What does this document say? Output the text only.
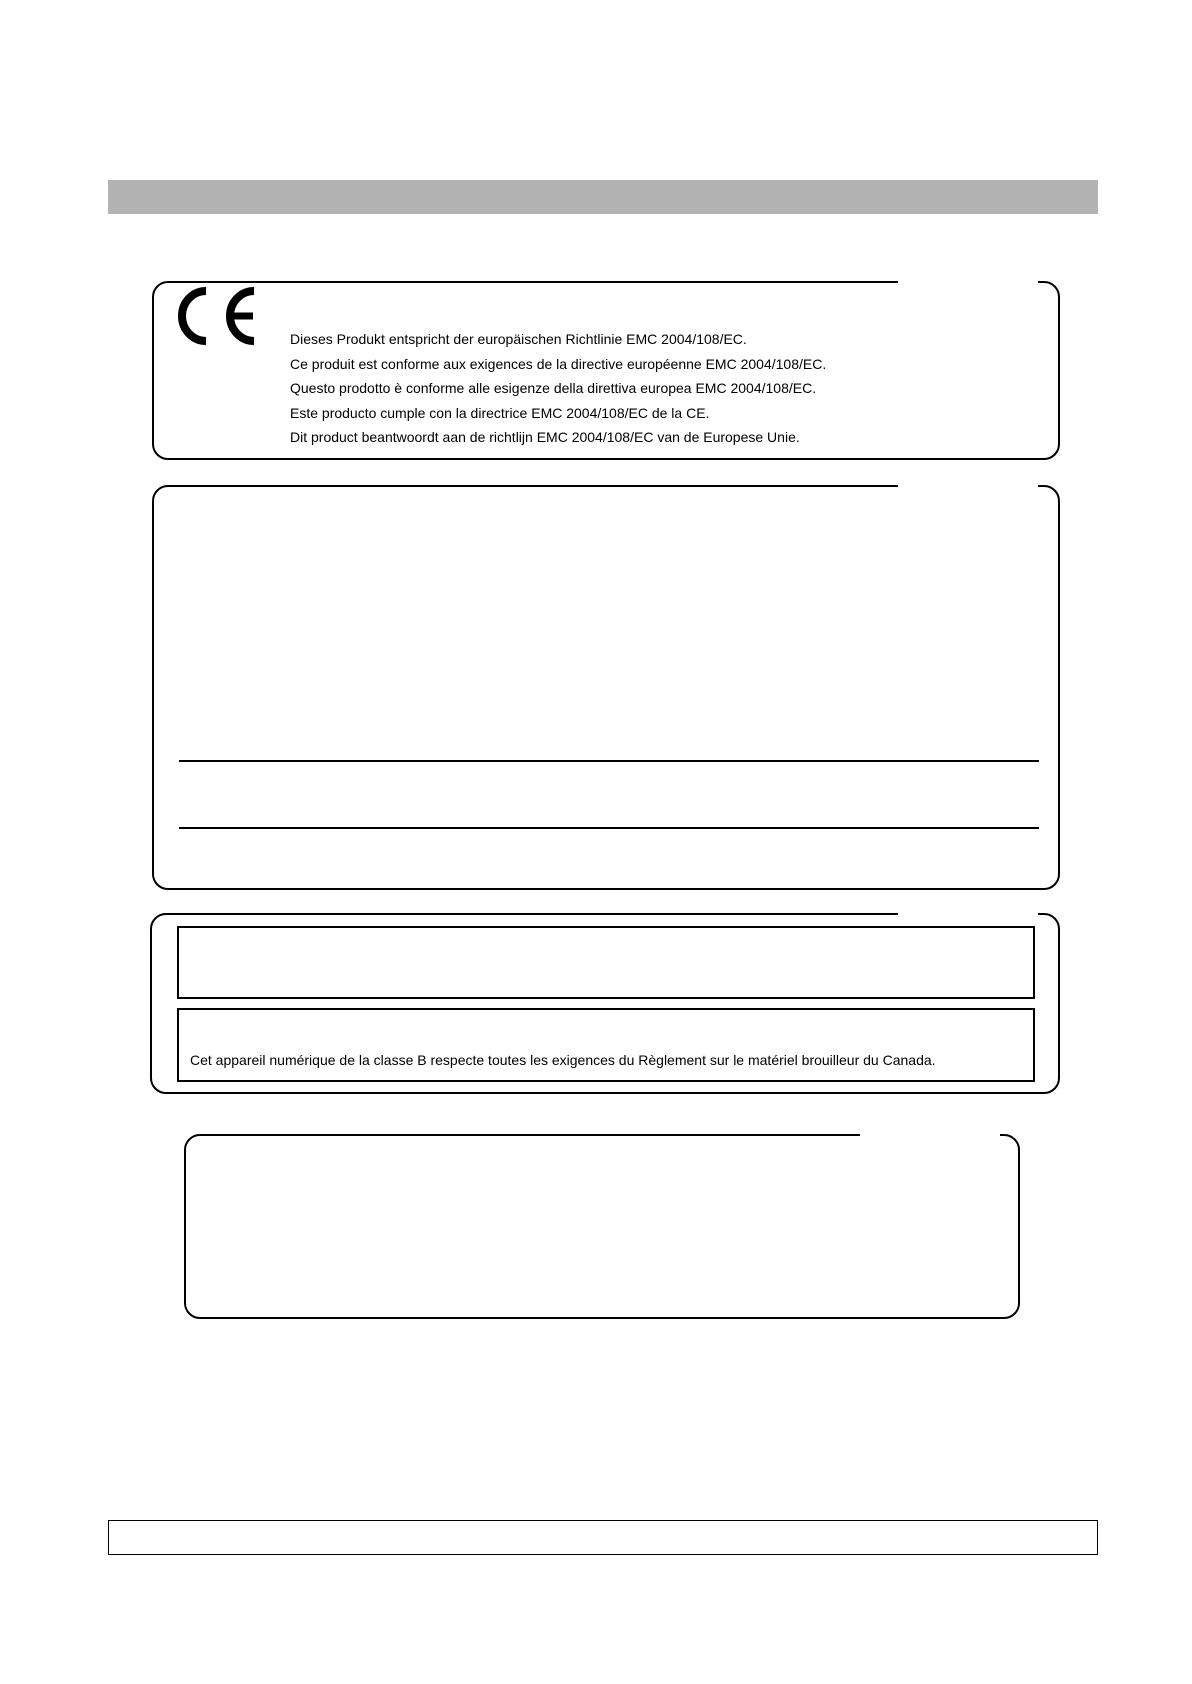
Dieses Produkt entspricht der europäischen Richtlinie EMC 2004/108/EC.
Ce produit est conforme aux exigences de la directive européenne EMC 2004/108/EC.
Questo prodotto è conforme alle esigenze della direttiva europea EMC 2004/108/EC.
Este producto cumple con la directrice EMC 2004/108/EC de la CE.
Dit product beantwoordt aan de richtlijn EMC 2004/108/EC van de Europese Unie.
Cet appareil numérique de la classe B respecte toutes les exigences du Règlement sur le matériel brouilleur du Canada.
